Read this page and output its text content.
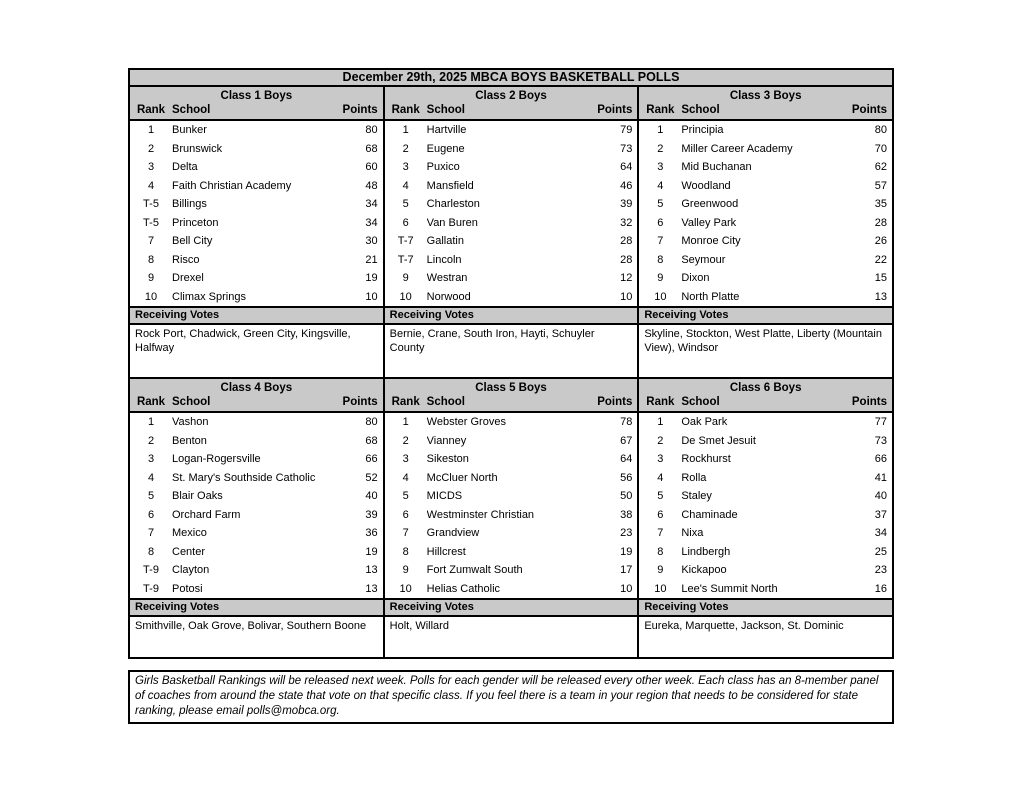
December 29th, 2025 MBCA BOYS BASKETBALL POLLS
Class 1 Boys
Rank School	Points
1	Bunker	80
2	Brunswick	68
3	Delta	60
4	Faith Christian Academy	48
T-5	Billings	34
T-5	Princeton	34
7	Bell City	30
8	Risco	21
9	Drexel	19
10	Climax Springs	10
Receiving Votes
Rock Port, Chadwick, Green City, Kingsville, Halfway
Class 2 Boys
Rank School	Points
1	Hartville	79
2	Eugene	73
3	Puxico	64
4	Mansfield	46
5	Charleston	39
6	Van Buren	32
T-7	Gallatin	28
T-7	Lincoln	28
9	Westran	12
10	Norwood	10
Receiving Votes
Bernie, Crane, South Iron, Hayti, Schuyler County
Class 3 Boys
Rank School	Points
1	Principia	80
2	Miller Career Academy	70
3	Mid Buchanan	62
4	Woodland	57
5	Greenwood	35
6	Valley Park	28
7	Monroe City	26
8	Seymour	22
9	Dixon	15
10	North Platte	13
Receiving Votes
Skyline, Stockton, West Platte, Liberty (Mountain View), Windsor
Class 4 Boys
Rank School	Points
1	Vashon	80
2	Benton	68
3	Logan-Rogersville	66
4	St. Mary's Southside Catholic	52
5	Blair Oaks	40
6	Orchard Farm	39
7	Mexico	36
8	Center	19
T-9	Clayton	13
T-9	Potosi	13
Receiving Votes
Smithville, Oak Grove, Bolivar, Southern Boone
Class 5 Boys
Rank School	Points
1	Webster Groves	78
2	Vianney	67
3	Sikeston	64
4	McCluer North	56
5	MICDS	50
6	Westminster Christian	38
7	Grandview	23
8	Hillcrest	19
9	Fort Zumwalt South	17
10	Helias Catholic	10
Receiving Votes
Holt, Willard
Class 6 Boys
Rank School	Points
1	Oak Park	77
2	De Smet Jesuit	73
3	Rockhurst	66
4	Rolla	41
5	Staley	40
6	Chaminade	37
7	Nixa	34
8	Lindbergh	25
9	Kickapoo	23
10	Lee's Summit North	16
Receiving Votes
Eureka, Marquette, Jackson, St. Dominic
Girls Basketball Rankings will be released next week. Polls for each gender will be released every other week. Each class has an 8-member panel of coaches from around the state that vote on that specific class. If you feel there is a team in your region that needs to be considered for state ranking, please email polls@mobca.org.
